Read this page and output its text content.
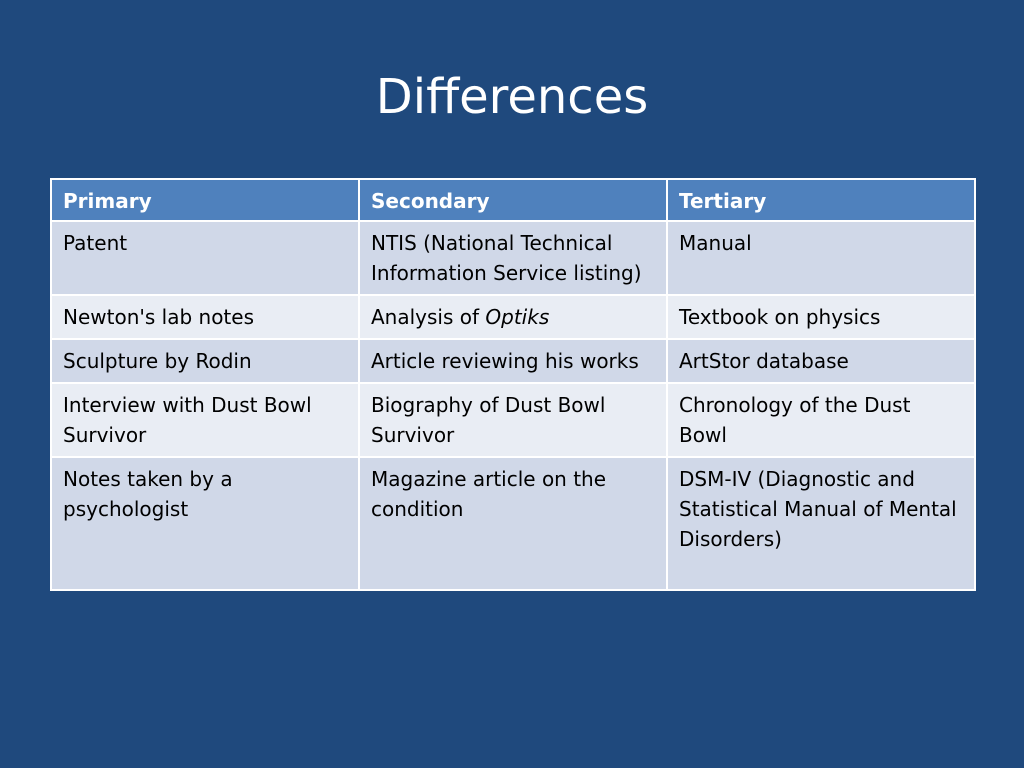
Differences
Primary	Secondary	Tertiary
Patent	NTIS (National Technical Information Service listing)	Manual
Newton's lab notes	Analysis of Optiks	Textbook on physics
Sculpture by Rodin	Article reviewing his works	ArtStor database
Interview with Dust Bowl Survivor	Biography of Dust Bowl Survivor	Chronology of the Dust Bowl
Notes taken by a psychologist	Magazine article on the condition	DSM-IV (Diagnostic and Statistical Manual of Mental Disorders)
